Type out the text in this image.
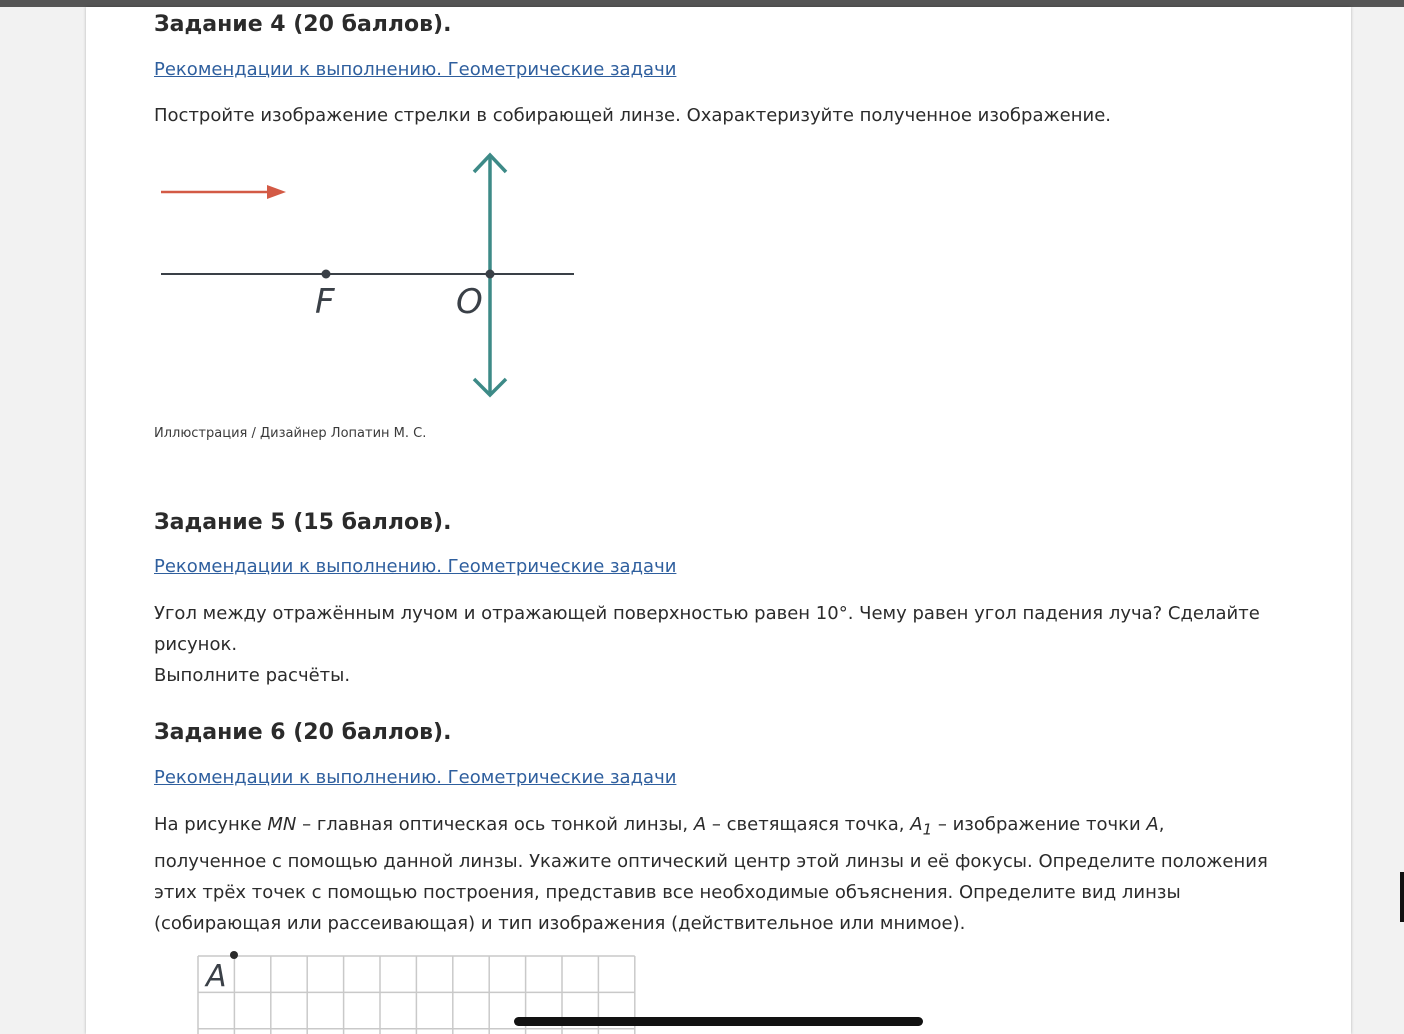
Задание 4 (20 баллов).
Рекомендации к выполнению. Геометрические задачи

Постройте изображение стрелки в собирающей линзе. Охарактеризуйте полученное изображение.

F	O
Иллюстрация / Дизайнер Лопатин М. С.
Задание 5 (15 баллов).
Рекомендации к выполнению. Геометрические задачи

Угол между отражённым лучом и отражающей поверхностью равен 10°. Чему равен угол падения луча? Сделайте рисунок.
Выполните расчёты.

Задание 6 (20 баллов).
Рекомендации к выполнению. Геометрические задачи

На рисунке MN – главная оптическая ось тонкой линзы, A – светящаяся точка, $A_1$ – изображение точки A, полученное с помощью данной линзы. Укажите оптический центр этой линзы и её фокусы. Определите положения этих трёх точек с помощью построения, представив все необходимые объяснения. Определите вид линзы (собирающая или рассеивающая) и тип изображения (действительное или мнимое).

A
